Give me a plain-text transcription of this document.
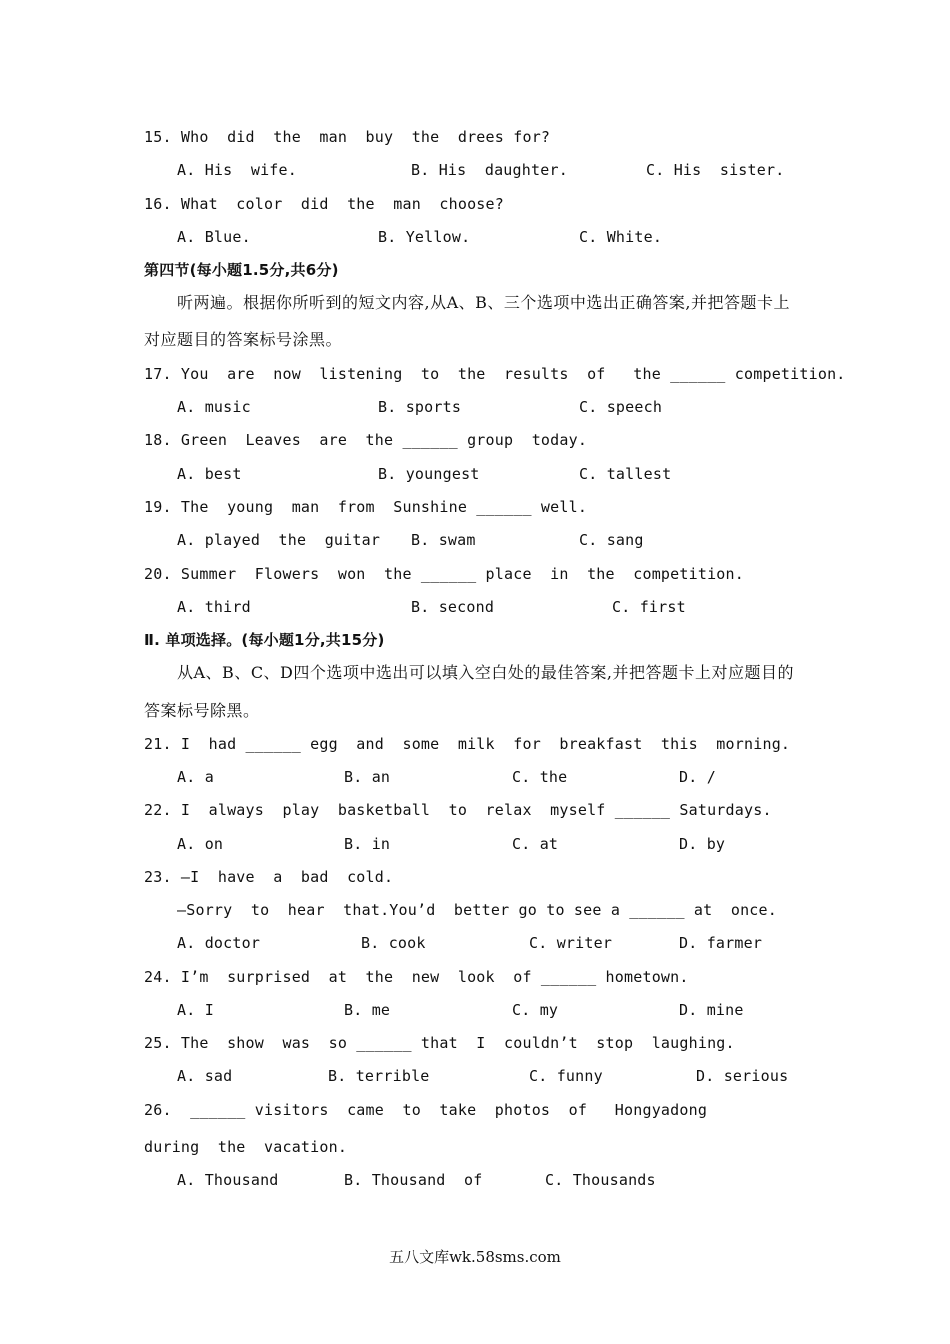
15. Who  did  the  man  buy  the  drees for?
A. His  wife.	B. His  daughter.	C. His  sister.
16. What  color  did  the  man  choose?
A. Blue.	B. Yellow.	C. White.
第四节(每小题1.5分,共6分)
听两遍。根据你所听到的短文内容,从A、B、三个选项中选出正确答案,并把答题卡上
对应题目的答案标号涂黑。
17. You  are  now  listening  to  the  results  of   the ______ competition.
A. music	B. sports	C. speech
18. Green  Leaves  are  the ______ group  today.
A. best	B. youngest	C. tallest
19. The  young  man  from  Sunshine ______ well.
A. played  the  guitar B. swam	C. sang
20. Summer  Flowers  won  the ______ place  in  the  competition.
A. third	B. second	C. first
Ⅱ. 单项选择。(每小题1分,共15分)
从A、B、C、D四个选项中选出可以填入空白处的最佳答案,并把答题卡上对应题目的
答案标号除黑。
21. I  had ______ egg  and  some  milk  for  breakfast  this  morning.
A. a	B. an	C. the	D. /
22. I  always  play  basketball  to  relax  myself ______ Saturdays.
A. on	B. in	C. at	D. by
23. —I  have  a  bad  cold.
—Sorry  to  hear  that.You’d  better go to see a ______ at  once.
A. doctor	B. cook	C. writer	D. farmer
24. I’m  surprised  at  the  new  look  of ______ hometown.
A. I	B. me	C. my	D. mine
25. The  show  was  so ______ that  I  couldn’t  stop  laughing.
A. sad	B. terrible	C. funny	D. serious
26.  ______ visitors  came  to  take  photos  of   Hongyadong
during  the  vacation.
A. Thousand	B. Thousand  of	C. Thousands
五八文库wk.58sms.com
